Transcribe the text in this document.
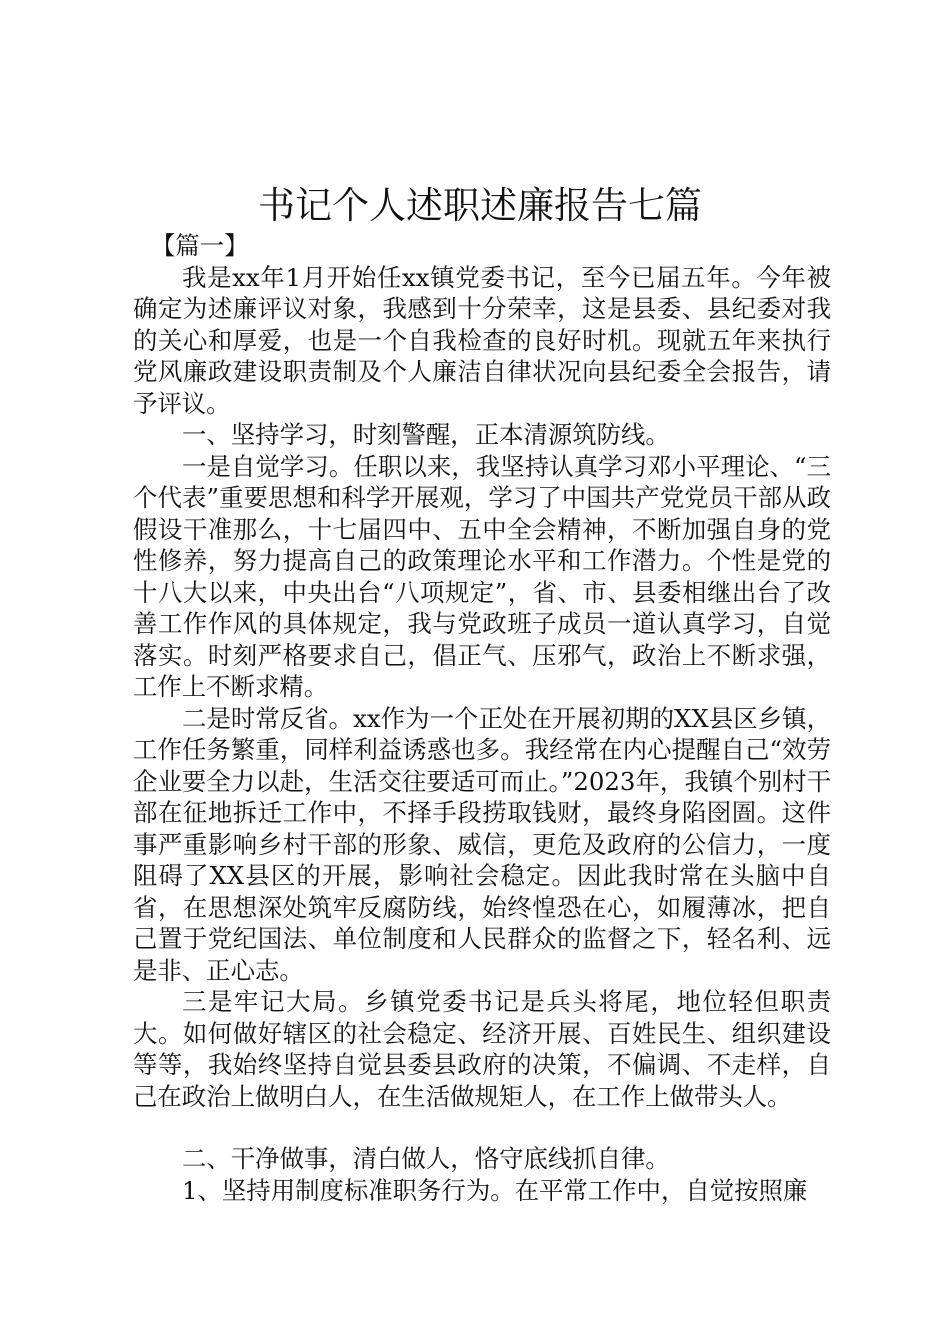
书记个人述职述廉报告七篇

【篇一】

我是xx年1月开始任xx镇党委书记，至今已届五年。今年被确定为述廉评议对象，我感到十分荣幸，这是县委、县纪委对我的关心和厚爱，也是一个自我检查的良好时机。现就五年来执行党风廉政建设职责制及个人廉洁自律状况向县纪委全会报告，请予评议。

一、坚持学习，时刻警醒，正本清源筑防线。

一是自觉学习。任职以来，我坚持认真学习邓小平理论、“三个代表”重要思想和科学开展观，学习了中国共产党党员干部从政假设干准那么，十七届四中、五中全会精神，不断加强自身的党性修养，努力提高自己的政策理论水平和工作潜力。个性是党的十八大以来，中央出台“八项规定”，省、市、县委相继出台了改善工作作风的具体规定，我与党政班子成员一道认真学习，自觉落实。时刻严格要求自己，倡正气、压邪气，政治上不断求强，工作上不断求精。

二是时常反省。xx作为一个正处在开展初期的XX县区乡镇，工作任务繁重，同样利益诱惑也多。我经常在内心提醒自己“效劳企业要全力以赴，生活交往要适可而止。”2023年，我镇个别村干部在征地拆迁工作中，不择手段捞取钱财，最终身陷囹圄。这件事严重影响乡村干部的形象、威信，更危及政府的公信力，一度阻碍了XX县区的开展，影响社会稳定。因此我时常在头脑中自省，在思想深处筑牢反腐防线，始终惶恐在心，如履薄冰，把自己置于党纪国法、单位制度和人民群众的监督之下，轻名利、远是非、正心志。

三是牢记大局。乡镇党委书记是兵头将尾，地位轻但职责大。如何做好辖区的社会稳定、经济开展、百姓民生、组织建设等等，我始终坚持自觉县委县政府的决策，不偏调、不走样，自己在政治上做明白人，在生活做规矩人，在工作上做带头人。

二、干净做事，清白做人，恪守底线抓自律。

1、坚持用制度标准职务行为。在平常工作中，自觉按照廉
